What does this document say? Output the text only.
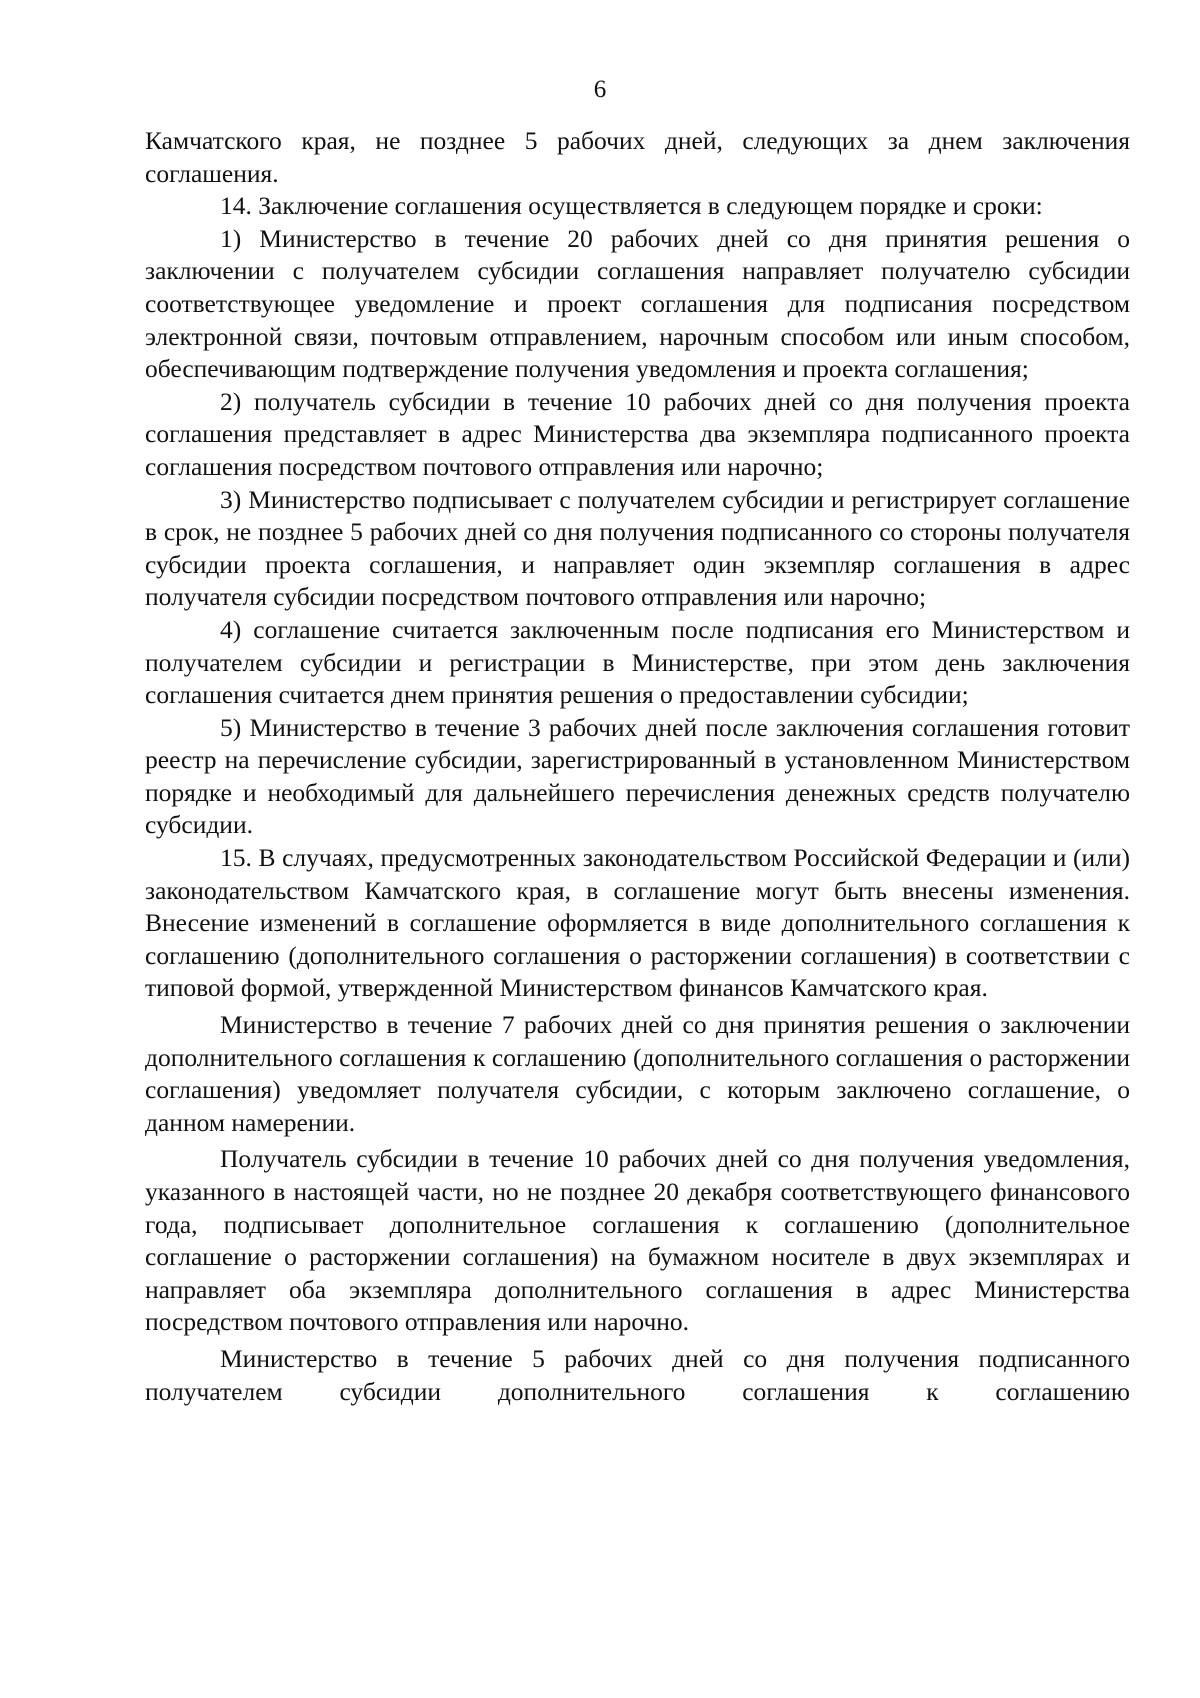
6

Камчатского края, не позднее 5 рабочих дней, следующих за днем заключения соглашения.

14. Заключение соглашения осуществляется в следующем порядке и сроки:

1) Министерство в течение 20 рабочих дней со дня принятия решения о заключении с получателем субсидии соглашения направляет получателю субсидии соответствующее уведомление и проект соглашения для подписания посредством электронной связи, почтовым отправлением, нарочным способом или иным способом, обеспечивающим подтверждение получения уведомления и проекта соглашения;

2) получатель субсидии в течение 10 рабочих дней со дня получения проекта соглашения представляет в адрес Министерства два экземпляра подписанного проекта соглашения посредством почтового отправления или нарочно;

3) Министерство подписывает с получателем субсидии и регистрирует соглашение в срок, не позднее 5 рабочих дней со дня получения подписанного со стороны получателя субсидии проекта соглашения, и направляет один экземпляр соглашения в адрес получателя субсидии посредством почтового отправления или нарочно;

4) соглашение считается заключенным после подписания его Министерством и получателем субсидии и регистрации в Министерстве, при этом день заключения соглашения считается днем принятия решения о предоставлении субсидии;

5) Министерство в течение 3 рабочих дней после заключения соглашения готовит реестр на перечисление субсидии, зарегистрированный в установленном Министерством порядке и необходимый для дальнейшего перечисления денежных средств получателю субсидии.

15. В случаях, предусмотренных законодательством Российской Федерации и (или) законодательством Камчатского края, в соглашение могут быть внесены изменения. Внесение изменений в соглашение оформляется в виде дополнительного соглашения к соглашению (дополнительного соглашения о расторжении соглашения) в соответствии с типовой формой, утвержденной Министерством финансов Камчатского края.

Министерство в течение 7 рабочих дней со дня принятия решения о заключении дополнительного соглашения к соглашению (дополнительного соглашения о расторжении соглашения) уведомляет получателя субсидии, с которым заключено соглашение, о данном намерении.

Получатель субсидии в течение 10 рабочих дней со дня получения уведомления, указанного в настоящей части, но не позднее 20 декабря соответствующего финансового года, подписывает дополнительное соглашения к соглашению (дополнительное соглашение о расторжении соглашения) на бумажном носителе в двух экземплярах и направляет оба экземпляра дополнительного соглашения в адрес Министерства посредством почтового отправления или нарочно.

Министерство в течение 5 рабочих дней со дня получения подписанного получателем субсидии дополнительного соглашения к соглашению
